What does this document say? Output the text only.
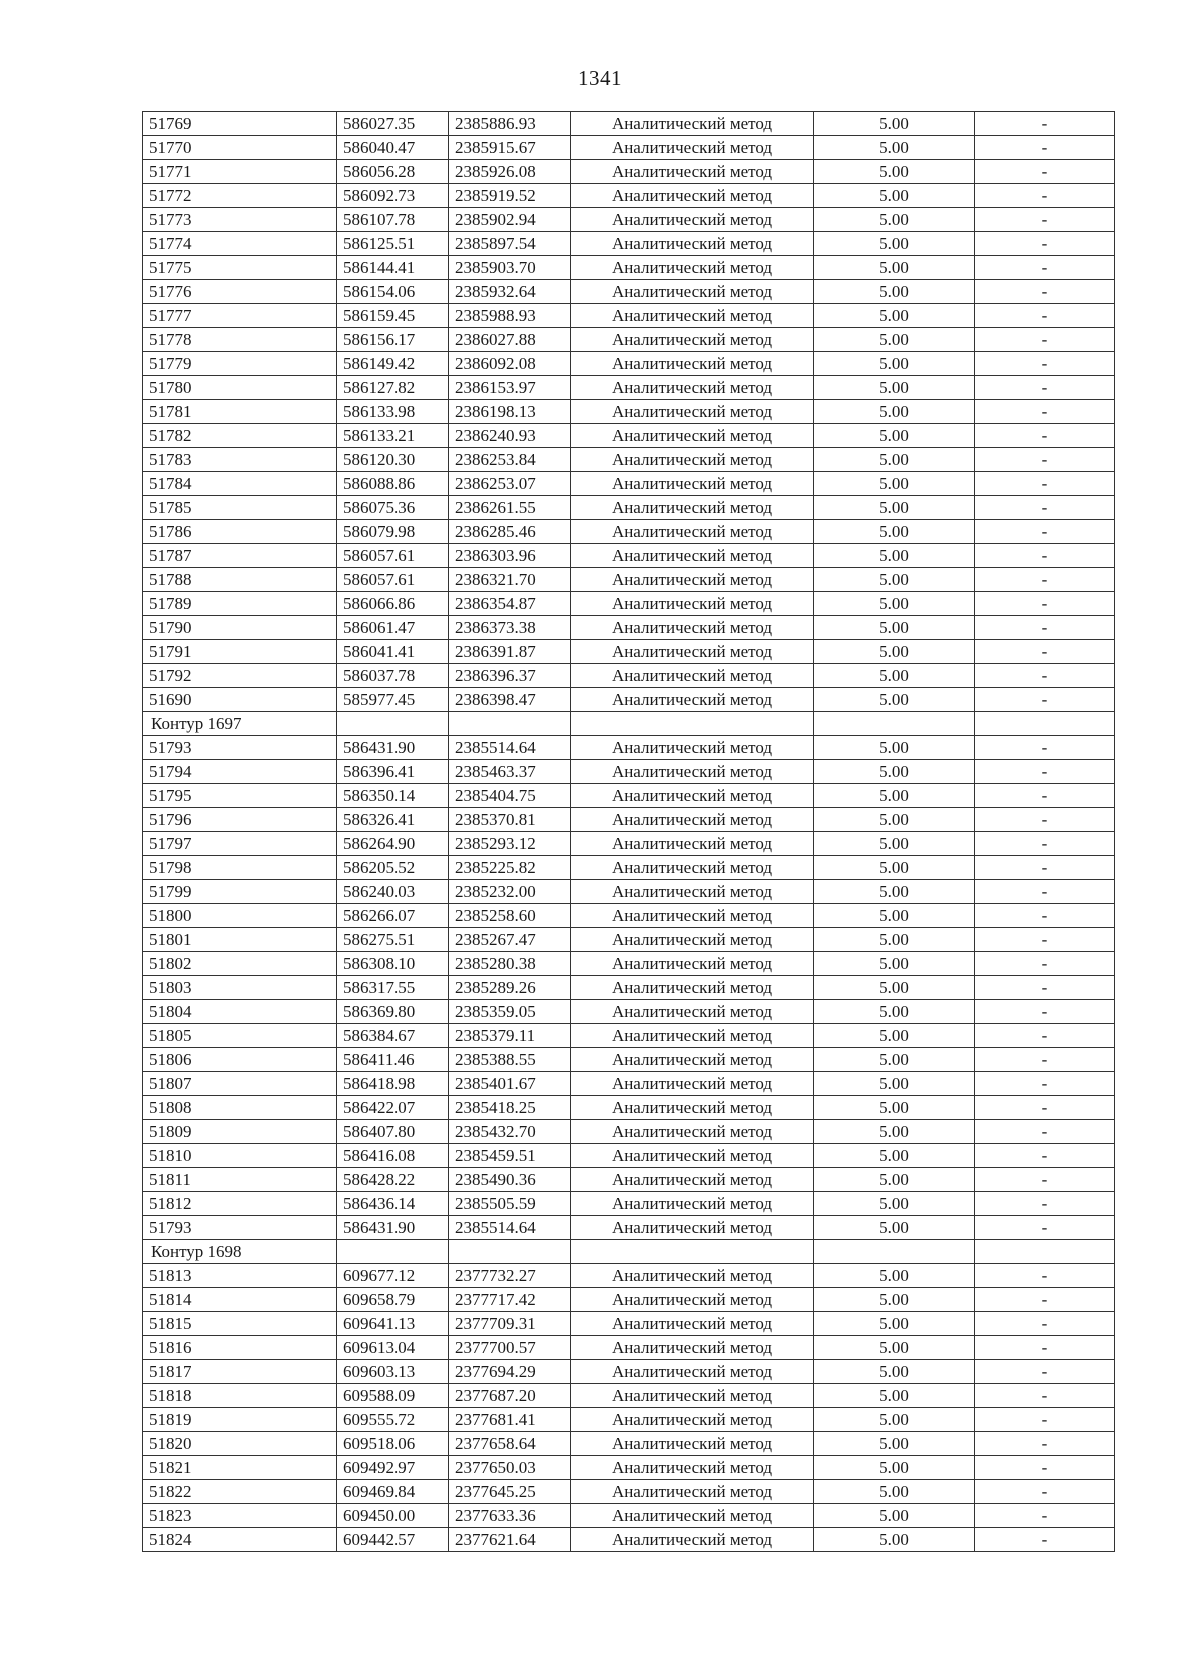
1341
51769	586027.35	2385886.93	Аналитический метод	5.00	-
51770	586040.47	2385915.67	Аналитический метод	5.00	-
51771	586056.28	2385926.08	Аналитический метод	5.00	-
51772	586092.73	2385919.52	Аналитический метод	5.00	-
51773	586107.78	2385902.94	Аналитический метод	5.00	-
51774	586125.51	2385897.54	Аналитический метод	5.00	-
51775	586144.41	2385903.70	Аналитический метод	5.00	-
51776	586154.06	2385932.64	Аналитический метод	5.00	-
51777	586159.45	2385988.93	Аналитический метод	5.00	-
51778	586156.17	2386027.88	Аналитический метод	5.00	-
51779	586149.42	2386092.08	Аналитический метод	5.00	-
51780	586127.82	2386153.97	Аналитический метод	5.00	-
51781	586133.98	2386198.13	Аналитический метод	5.00	-
51782	586133.21	2386240.93	Аналитический метод	5.00	-
51783	586120.30	2386253.84	Аналитический метод	5.00	-
51784	586088.86	2386253.07	Аналитический метод	5.00	-
51785	586075.36	2386261.55	Аналитический метод	5.00	-
51786	586079.98	2386285.46	Аналитический метод	5.00	-
51787	586057.61	2386303.96	Аналитический метод	5.00	-
51788	586057.61	2386321.70	Аналитический метод	5.00	-
51789	586066.86	2386354.87	Аналитический метод	5.00	-
51790	586061.47	2386373.38	Аналитический метод	5.00	-
51791	586041.41	2386391.87	Аналитический метод	5.00	-
51792	586037.78	2386396.37	Аналитический метод	5.00	-
51690	585977.45	2386398.47	Аналитический метод	5.00	-
Контур 1697					
51793	586431.90	2385514.64	Аналитический метод	5.00	-
51794	586396.41	2385463.37	Аналитический метод	5.00	-
51795	586350.14	2385404.75	Аналитический метод	5.00	-
51796	586326.41	2385370.81	Аналитический метод	5.00	-
51797	586264.90	2385293.12	Аналитический метод	5.00	-
51798	586205.52	2385225.82	Аналитический метод	5.00	-
51799	586240.03	2385232.00	Аналитический метод	5.00	-
51800	586266.07	2385258.60	Аналитический метод	5.00	-
51801	586275.51	2385267.47	Аналитический метод	5.00	-
51802	586308.10	2385280.38	Аналитический метод	5.00	-
51803	586317.55	2385289.26	Аналитический метод	5.00	-
51804	586369.80	2385359.05	Аналитический метод	5.00	-
51805	586384.67	2385379.11	Аналитический метод	5.00	-
51806	586411.46	2385388.55	Аналитический метод	5.00	-
51807	586418.98	2385401.67	Аналитический метод	5.00	-
51808	586422.07	2385418.25	Аналитический метод	5.00	-
51809	586407.80	2385432.70	Аналитический метод	5.00	-
51810	586416.08	2385459.51	Аналитический метод	5.00	-
51811	586428.22	2385490.36	Аналитический метод	5.00	-
51812	586436.14	2385505.59	Аналитический метод	5.00	-
51793	586431.90	2385514.64	Аналитический метод	5.00	-
Контур 1698					
51813	609677.12	2377732.27	Аналитический метод	5.00	-
51814	609658.79	2377717.42	Аналитический метод	5.00	-
51815	609641.13	2377709.31	Аналитический метод	5.00	-
51816	609613.04	2377700.57	Аналитический метод	5.00	-
51817	609603.13	2377694.29	Аналитический метод	5.00	-
51818	609588.09	2377687.20	Аналитический метод	5.00	-
51819	609555.72	2377681.41	Аналитический метод	5.00	-
51820	609518.06	2377658.64	Аналитический метод	5.00	-
51821	609492.97	2377650.03	Аналитический метод	5.00	-
51822	609469.84	2377645.25	Аналитический метод	5.00	-
51823	609450.00	2377633.36	Аналитический метод	5.00	-
51824	609442.57	2377621.64	Аналитический метод	5.00	-
